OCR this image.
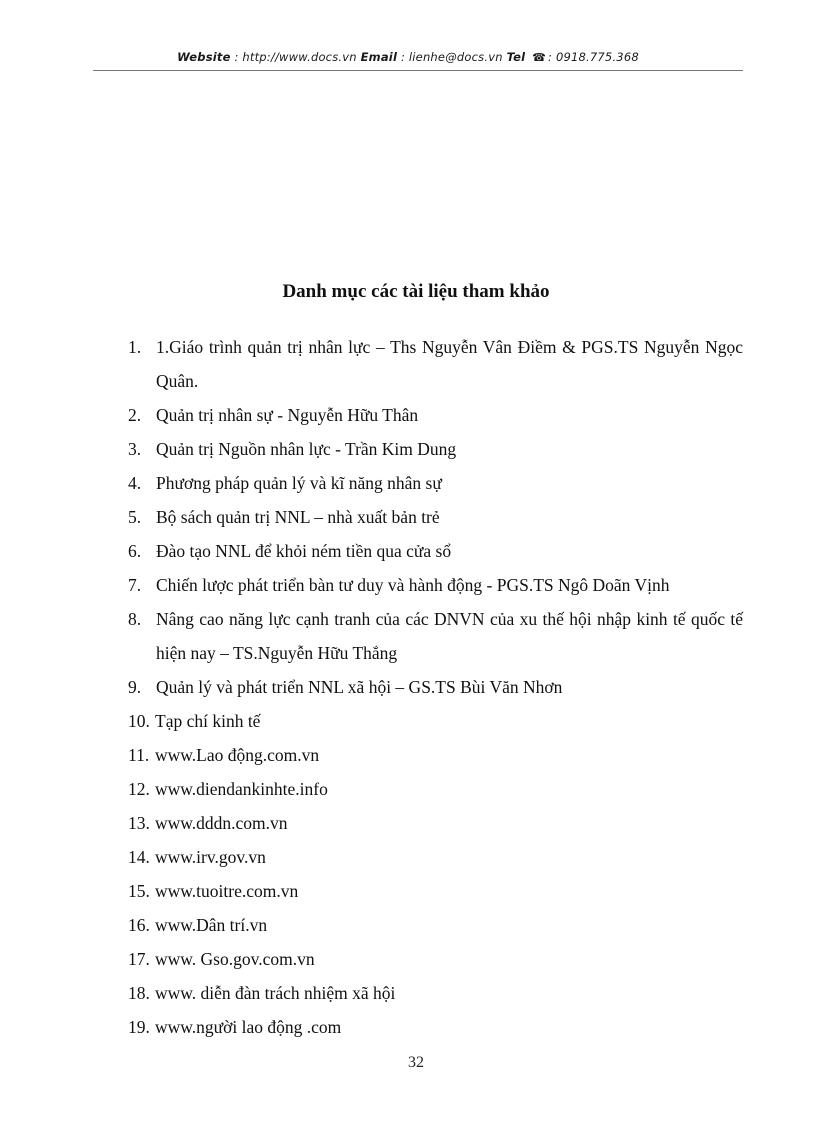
Website : http://www.docs.vn Email : lienhe@docs.vn Tel ☎ : 0918.775.368
Danh mục các tài liệu tham khảo
1. 1.Giáo trình quản trị nhân lực – Ths Nguyễn Vân Điềm & PGS.TS Nguyễn Ngọc Quân.
2. Quản trị nhân sự - Nguyễn Hữu Thân
3. Quản trị Nguồn nhân lực - Trần Kim Dung
4. Phương pháp quản lý và kĩ năng nhân sự
5. Bộ sách quản trị NNL – nhà xuất bản trẻ
6. Đào tạo NNL để khỏi ném tiền qua cửa sổ
7. Chiến lược phát triển bàn tư duy và hành động - PGS.TS Ngô Doãn Vịnh
8. Nâng cao năng lực cạnh tranh của các DNVN của xu thế hội nhập kinh tế quốc tế hiện nay – TS.Nguyễn Hữu Thắng
9. Quản lý và phát triển NNL xã hội – GS.TS Bùi Văn Nhơn
10. Tạp chí kinh tế
11. www.Lao động.com.vn
12. www.diendankinhte.info
13. www.dddn.com.vn
14. www.irv.gov.vn
15. www.tuoitre.com.vn
16. www.Dân trí.vn
17. www. Gso.gov.com.vn
18. www. diễn đàn trách nhiệm xã hội
19. www.người lao động .com
32
